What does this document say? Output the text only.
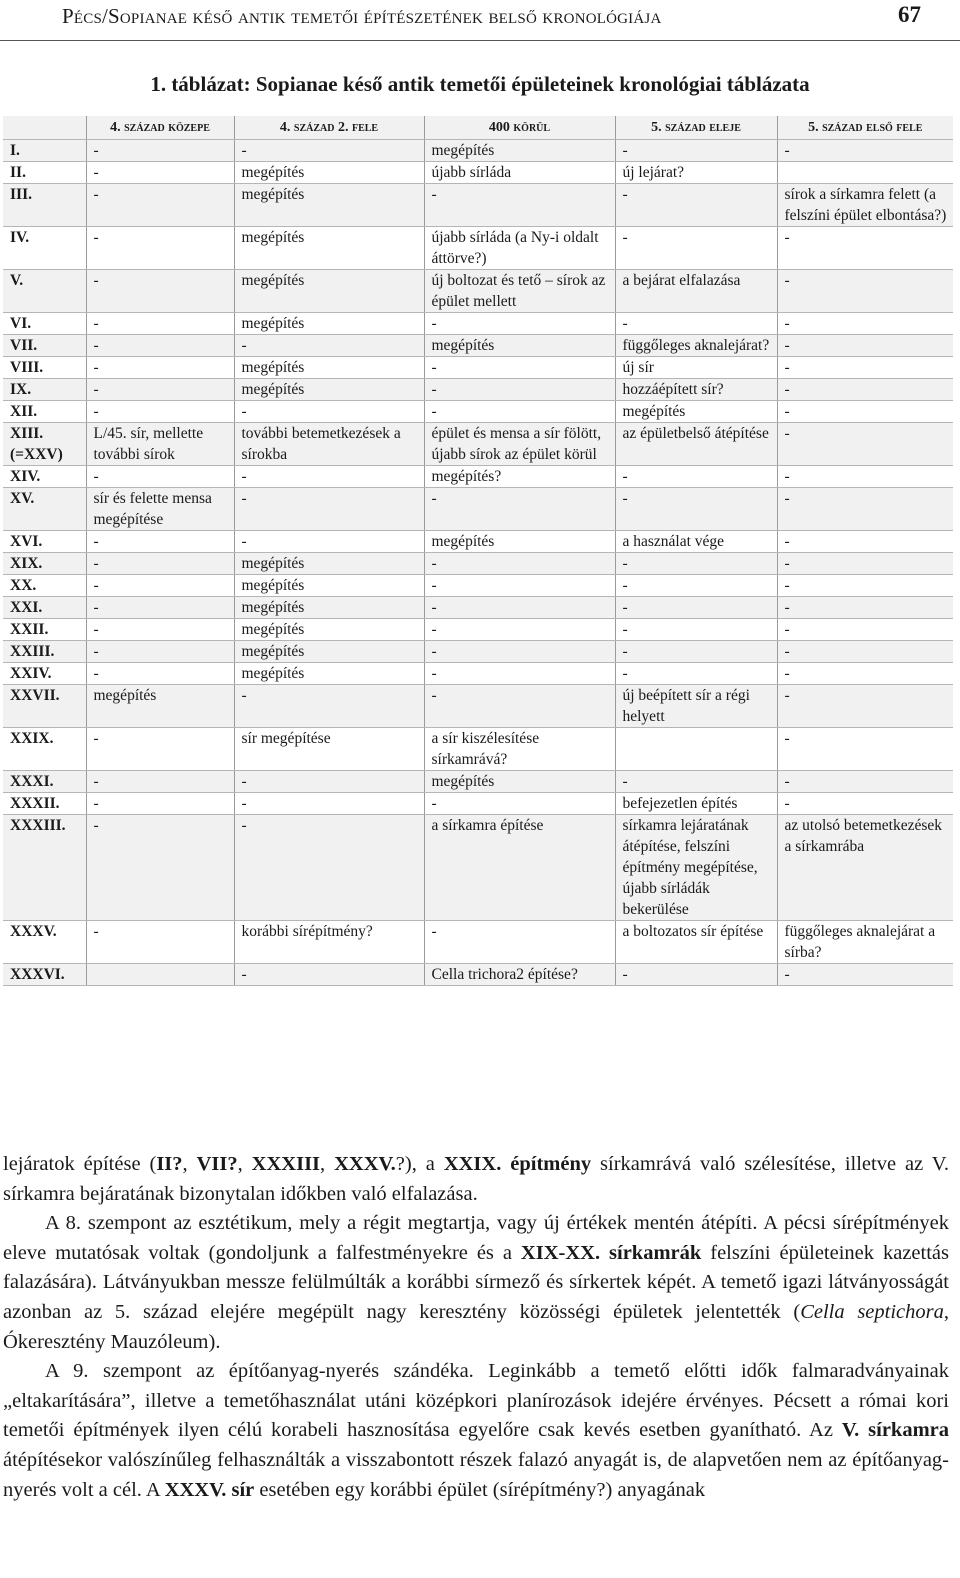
Pécs/Sopianae késő antik temetői építészetének belső kronológiája	67
1. táblázat: Sopianae késő antik temetői épületeinek kronológiai táblázata
	4. század közepe	4. század 2. fele	400 körül	5. század eleje	5. század első fele
I.	-	-	megépítés	-	-
II.	-	megépítés	újabb sírláda	új lejárat?	
III.	-	megépítés	-	-	sírok a sírkamra felett (a felszíni épület elbontása?)
IV.	-	megépítés	újabb sírláda (a Ny-i oldalt áttörve?)	-	-
V.	-	megépítés	új boltozat és tető – sírok az épület mellett	a bejárat elfalazása	-
VI.	-	megépítés	-	-	-
VII.	-	-	megépítés	függőleges aknalejárat?	-
VIII.	-	megépítés	-	új sír	-
IX.	-	megépítés	-	hozzáépített sír?	-
XII.	-	-	-	megépítés	-
XIII. (=XXV)	L/45. sír, mellette további sírok	további betemetkezések a sírokba	épület és mensa a sír fölött, újabb sírok az épület körül	az épületbelső átépítése	-
XIV.	-	-	megépítés?	-	-
XV.	sír és felette mensa megépítése	-	-	-	-
XVI.	-	-	megépítés	a használat vége	-
XIX.	-	megépítés	-	-	-
XX.	-	megépítés	-	-	-
XXI.	-	megépítés	-	-	-
XXII.	-	megépítés	-	-	-
XXIII.	-	megépítés	-	-	-
XXIV.	-	megépítés	-	-	-
XXVII.	megépítés	-	-	új beépített sír a régi helyett	-
XXIX.	-	sír megépítése	a sír kiszélesítése sírkamrává?		-
XXXI.	-	-	megépítés	-	-
XXXII.	-	-	-	befejezetlen építés	-
XXXIII.	-	-	a sírkamra építése	sírkamra lejáratának átépítése, felszíni építmény megépítése, újabb sírládák bekerülése	az utolsó betemetkezések a sírkamrába
XXXV.	-	korábbi sírépítmény?	-	a boltozatos sír építése	függőleges aknalejárat a sírba?
XXXVI.		-	Cella trichora2 építése?	-	-

lejáratok építése (II?, VII?, XXXIII, XXXV.?), a XXIX. építmény sírkamrává való szélesítése, illetve az V. sírkamra bejáratának bizonytalan időkben való elfalazása.

A 8. szempont az esztétikum, mely a régit megtartja, vagy új értékek mentén átépíti. A pécsi sírépítmények eleve mutatósak voltak (gondoljunk a falfestményekre és a XIX-XX. sírkamrák felszíni épületeinek kazettás falazására). Látványukban messze felülmúlták a korábbi sírmező és sírkertek képét. A temető igazi látványosságát azonban az 5. század elejére megépült nagy keresztény közösségi épületek jelentették (Cella septichora, Ókeresztény Mauzóleum).

A 9. szempont az építőanyag-nyerés szándéka. Leginkább a temető előtti idők falmaradványainak „eltakarítására”, illetve a temetőhasználat utáni középkori planírozások idejére érvényes. Pécsett a római kori temetői építmények ilyen célú korabeli hasznosítása egyelőre csak kevés esetben gyanítható. Az V. sírkamra átépítésekor valószínűleg felhasználták a visszabontott részek falazó anyagát is, de alapvetően nem az építőanyag-nyerés volt a cél. A XXXV. sír esetében egy korábbi épület (sírépítmény?) anyagának
